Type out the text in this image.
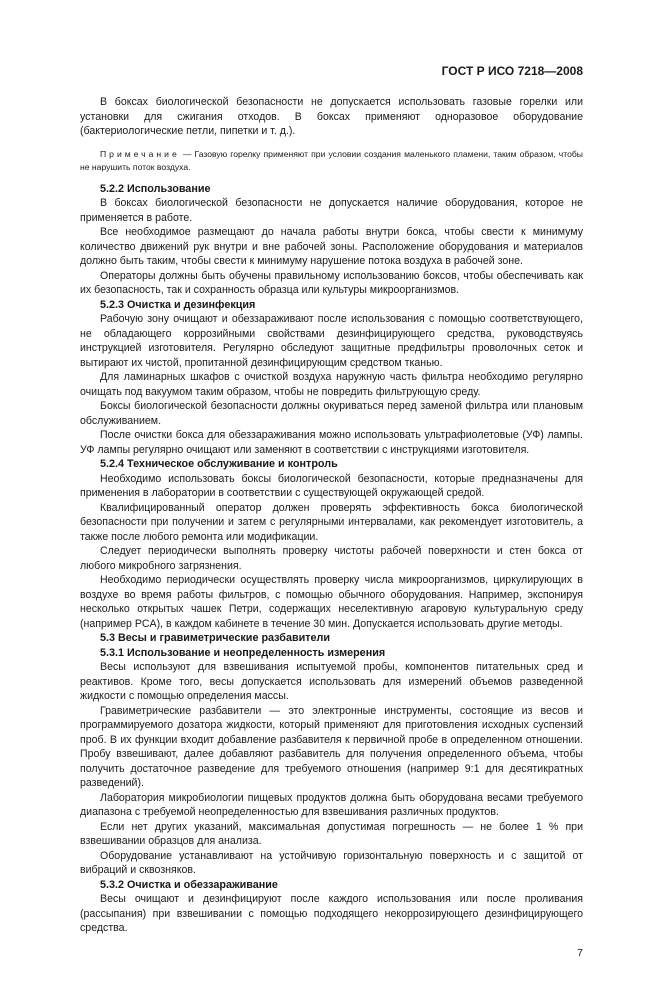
ГОСТ Р ИСО 7218—2008

В боксах биологической безопасности не допускается использовать газовые горелки или установки для сжигания отходов. В боксах применяют одноразовое оборудование (бактериологические петли, пипетки и т. д.).

Примечание — Газовую горелку применяют при условии создания маленького пламени, таким образом, чтобы не нарушить поток воздуха.

5.2.2 Использование

В боксах биологической безопасности не допускается наличие оборудования, которое не применяется в работе.

Все необходимое размещают до начала работы внутри бокса, чтобы свести к минимуму количество движений рук внутри и вне рабочей зоны. Расположение оборудования и материалов должно быть таким, чтобы свести к минимуму нарушение потока воздуха в рабочей зоне.

Операторы должны быть обучены правильному использованию боксов, чтобы обеспечивать как их безопасность, так и сохранность образца или культуры микроорганизмов.

5.2.3 Очистка и дезинфекция

Рабочую зону очищают и обеззараживают после использования с помощью соответствующего, не обладающего коррозийными свойствами дезинфицирующего средства, руководствуясь инструкцией изготовителя. Регулярно обследуют защитные предфильтры проволочных сеток и вытирают их чистой, пропитанной дезинфицирующим средством тканью.

Для ламинарных шкафов с очисткой воздуха наружную часть фильтра необходимо регулярно очищать под вакуумом таким образом, чтобы не повредить фильтрующую среду.

Боксы биологической безопасности должны окуриваться перед заменой фильтра или плановым обслуживанием.

После очистки бокса для обеззараживания можно использовать ультрафиолетовые (УФ) лампы. УФ лампы регулярно очищают или заменяют в соответствии с инструкциями изготовителя.

5.2.4 Техническое обслуживание и контроль

Необходимо использовать боксы биологической безопасности, которые предназначены для применения в лаборатории в соответствии с существующей окружающей средой.

Квалифицированный оператор должен проверять эффективность бокса биологической безопасности при получении и затем с регулярными интервалами, как рекомендует изготовитель, а также после любого ремонта или модификации.

Следует периодически выполнять проверку чистоты рабочей поверхности и стен бокса от любого микробного загрязнения.

Необходимо периодически осуществлять проверку числа микроорганизмов, циркулирующих в воздухе во время работы фильтров, с помощью обычного оборудования. Например, экспонируя несколько открытых чашек Петри, содержащих неселективную агаровую культуральную среду (например PCA), в каждом кабинете в течение 30 мин. Допускается использовать другие методы.

5.3 Весы и гравиметрические разбавители
5.3.1 Использование и неопределенность измерения

Весы используют для взвешивания испытуемой пробы, компонентов питательных сред и реактивов. Кроме того, весы допускается использовать для измерений объемов разведенной жидкости с помощью определения массы.

Гравиметрические разбавители — это электронные инструменты, состоящие из весов и программируемого дозатора жидкости, который применяют для приготовления исходных суспензий проб. В их функции входит добавление разбавителя к первичной пробе в определенном отношении. Пробу взвешивают, далее добавляют разбавитель для получения определенного объема, чтобы получить достаточное разведение для требуемого отношения (например 9:1 для десятикратных разведений).

Лаборатория микробиологии пищевых продуктов должна быть оборудована весами требуемого диапазона с требуемой неопределенностью для взвешивания различных продуктов.

Если нет других указаний, максимальная допустимая погрешность — не более 1 % при взвешивании образцов для анализа.

Оборудование устанавливают на устойчивую горизонтальную поверхность и с защитой от вибраций и сквозняков.

5.3.2 Очистка и обеззараживание

Весы очищают и дезинфицируют после каждого использования или после проливания (рассыпания) при взвешивании с помощью подходящего некоррозирующего дезинфицирующего средства.

7
